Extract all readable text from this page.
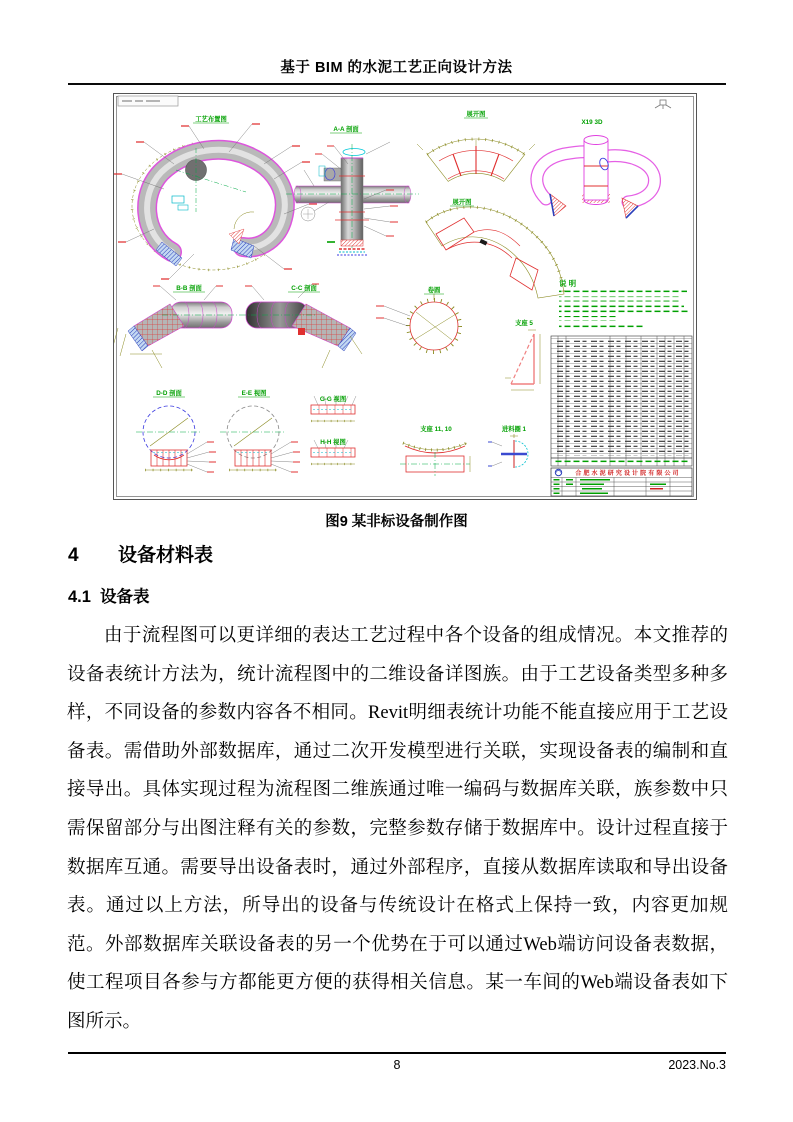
基于 BIM 的水泥工艺正向设计方法
合肥水泥研究设计院有限公司
工艺布置图
A-A 剖面
展开图
展开图
X19 3D
B-B 剖面	C-C 剖面
D-D 剖面	E-E 视图
G-G 视图
H-H 视图
卷圆
支座 5
支座 11, 10	进料圈 1
说 明
图9 某非标设备制作图
4 设备材料表
4.1 设备表
由于流程图可以更详细的表达工艺过程中各个设备的组成情况。本文推荐的设备表统计方法为，统计流程图中的二维设备详图族。由于工艺设备类型多种多样，不同设备的参数内容各不相同。Revit明细表统计功能不能直接应用于工艺设备表。需借助外部数据库，通过二次开发模型进行关联，实现设备表的编制和直接导出。具体实现过程为流程图二维族通过唯一编码与数据库关联，族参数中只需保留部分与出图注释有关的参数，完整参数存储于数据库中。设计过程直接于数据库互通。需要导出设备表时，通过外部程序，直接从数据库读取和导出设备表。通过以上方法，所导出的设备与传统设计在格式上保持一致，内容更加规范。外部数据库关联设备表的另一个优势在于可以通过Web端访问设备表数据，使工程项目各参与方都能更方便的获得相关信息。某一车间的Web端设备表如下图所示。
8	2023.No.3
